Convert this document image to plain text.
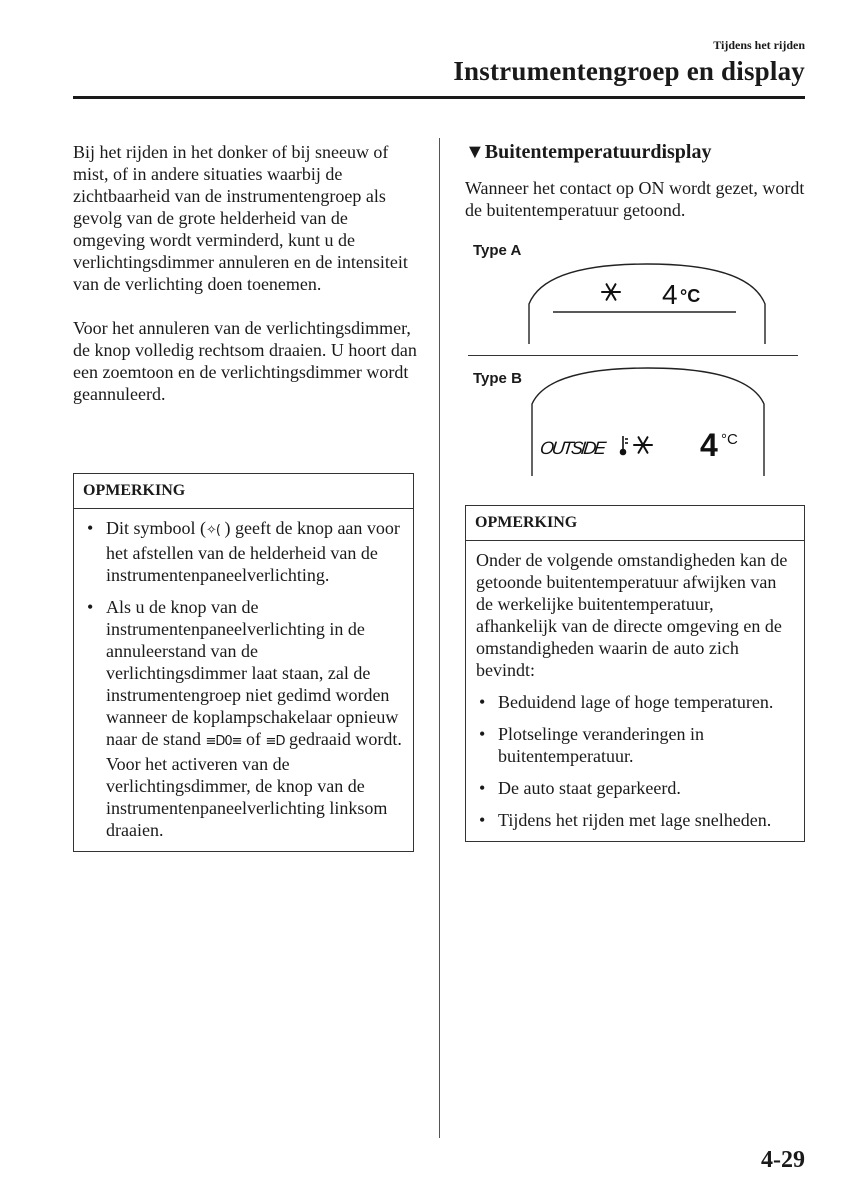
Tijdens het rijden
Instrumentengroep en display

Bij het rijden in het donker of bij sneeuw of mist, of in andere situaties waarbij de zichtbaarheid van de instrumentengroep als gevolg van de grote helderheid van de omgeving wordt verminderd, kunt u de verlichtingsdimmer annuleren en de intensiteit van de verlichting doen toenemen.

Voor het annuleren van de verlichtingsdimmer, de knop volledig rechtsom draaien. U hoort dan een zoemtoon en de verlichtingsdimmer wordt geannuleerd.

OPMERKING
• Dit symbool (✧( ) geeft de knop aan voor het afstellen van de helderheid van de instrumentenpaneelverlichting.
• Als u de knop van de instrumentenpaneelverlichting in de annuleerstand van de verlichtingsdimmer laat staan, zal de instrumentengroep niet gedimd worden wanneer de koplampschakelaar opnieuw naar de stand ≡D0≡ of ≡D gedraaid wordt. Voor het activeren van de verlichtingsdimmer, de knop van de instrumentenpaneelverlichting linksom draaien.
▼Buitentemperatuurdisplay

Wanneer het contact op ON wordt gezet, wordt de buitentemperatuur getoond.

Type A
4 °C
Type B
OUTSIDE	4 °C
OPMERKING

Onder de volgende omstandigheden kan de getoonde buitentemperatuur afwijken van de werkelijke buitentemperatuur, afhankelijk van de directe omgeving en de omstandigheden waarin de auto zich bevindt:

• Beduidend lage of hoge temperaturen.
• Plotselinge veranderingen in buitentemperatuur.
• De auto staat geparkeerd.
• Tijdens het rijden met lage snelheden.
4-29
